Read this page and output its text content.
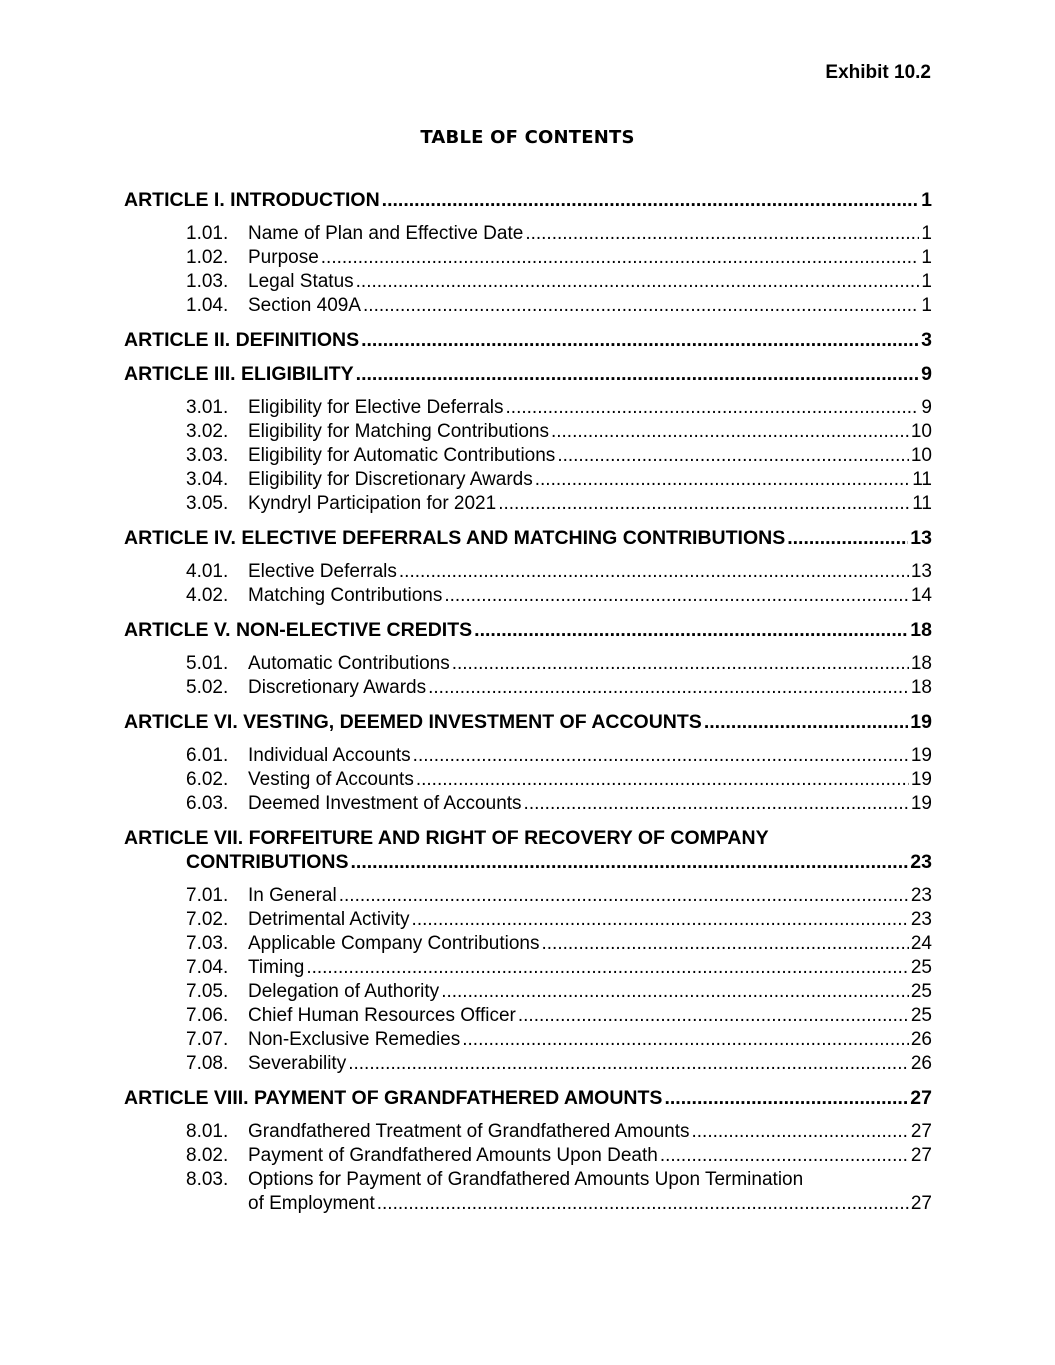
Exhibit 10.2
TABLE OF CONTENTS
ARTICLE I. INTRODUCTION .....	1
1.01.	Name of Plan and Effective Date .....	1
1.02.	Purpose .....	1
1.03.	Legal Status .....	1
1.04.	Section 409A .....	1
ARTICLE II. DEFINITIONS .....	3
ARTICLE III. ELIGIBILITY .....	9
3.01.	Eligibility for Elective Deferrals .....	9
3.02.	Eligibility for Matching Contributions .....	10
3.03.	Eligibility for Automatic Contributions .....	10
3.04.	Eligibility for Discretionary Awards .....	11
3.05.	Kyndryl Participation for 2021 .....	11
ARTICLE IV. ELECTIVE DEFERRALS AND MATCHING CONTRIBUTIONS .....	13
4.01.	Elective Deferrals .....	13
4.02.	Matching Contributions .....	14
ARTICLE V. NON-ELECTIVE CREDITS .....	18
5.01.	Automatic Contributions .....	18
5.02.	Discretionary Awards .....	18
ARTICLE VI. VESTING, DEEMED INVESTMENT OF ACCOUNTS .....	19
6.01.	Individual Accounts .....	19
6.02.	Vesting of Accounts .....	19
6.03.	Deemed Investment of Accounts .....	19
ARTICLE VII. FORFEITURE AND RIGHT OF RECOVERY OF COMPANY
CONTRIBUTIONS .....	23
7.01.	In General .....	23
7.02.	Detrimental Activity .....	23
7.03.	Applicable Company Contributions .....	24
7.04.	Timing .....	25
7.05.	Delegation of Authority .....	25
7.06.	Chief Human Resources Officer .....	25
7.07.	Non-Exclusive Remedies .....	26
7.08.	Severability .....	26
ARTICLE VIII. PAYMENT OF GRANDFATHERED AMOUNTS .....	27
8.01.	Grandfathered Treatment of Grandfathered Amounts .....	27
8.02.	Payment of Grandfathered Amounts Upon Death .....	27
8.03.	Options for Payment of Grandfathered Amounts Upon Termination
of Employment .....	27
